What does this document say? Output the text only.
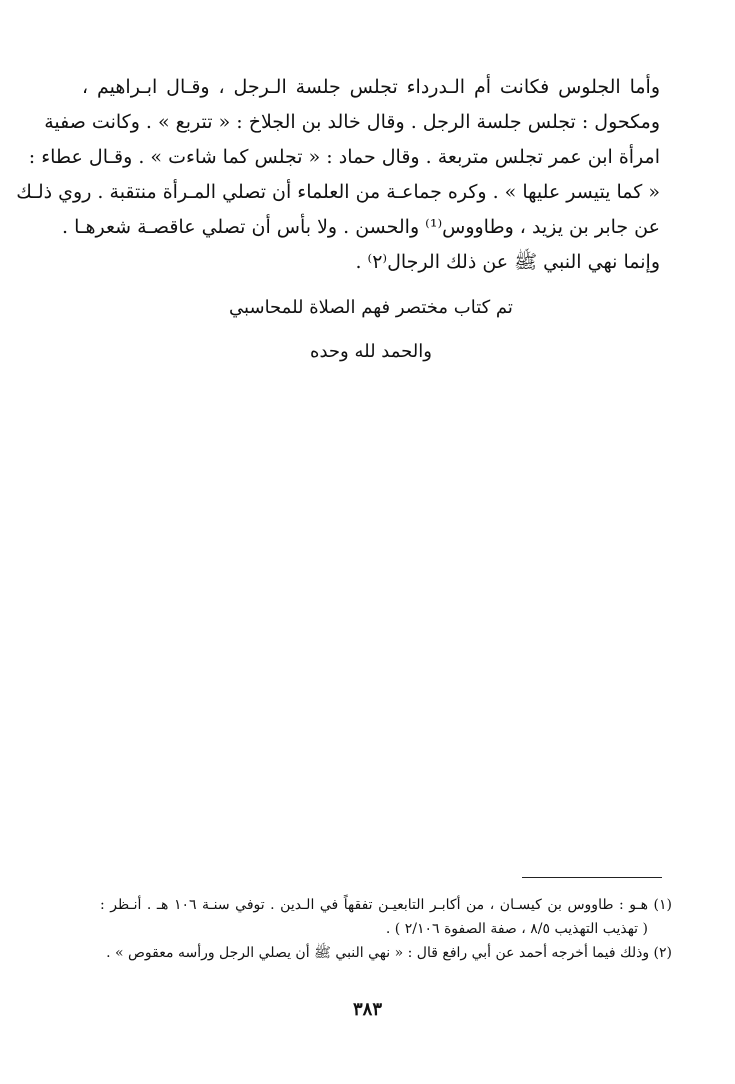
وأما الجلوس فكانت أم الـدرداء تجلس جلسة الـرجل ، وقـال ابـراهيم ،
ومكحول : تجلس جلسة الرجل . وقال خالد بن الجلاخ : « تتربع » . وكانت صفية
امرأة ابن عمر تجلس متربعة . وقال حماد : « تجلس كما شاءت » . وقـال عطاء :
« كما يتيسر عليها » . وكره جماعـة من العلماء أن تصلي المـرأة منتقبة . روي ذلـك
عن جابر بن يزيد ، وطاووس⁽¹⁾ والحسن . ولا بأس أن تصلي عاقصـة شعرهـا .
وإنما نهي النبي ﷺ عن ذلك الرجال⁽٢⁾ .
تم كتاب مختصر فهم الصلاة للمحاسبي
والحمد لله وحده
(١) هـو : طاووس بن كيسـان ، من أكابـر التابعيـن تفقهاً في الـدين . توفي سنـة ١٠٦ هـ . أنـظر :
( تهذيب التهذيب ٨/٥ ، صفة الصفوة ٢/١٠٦ ) .
(٢) وذلك فيما أخرجه أحمد عن أبي رافع قال : « نهي النبي ﷺ أن يصلي الرجل ورأسه معقوص » .
٣٨٣
